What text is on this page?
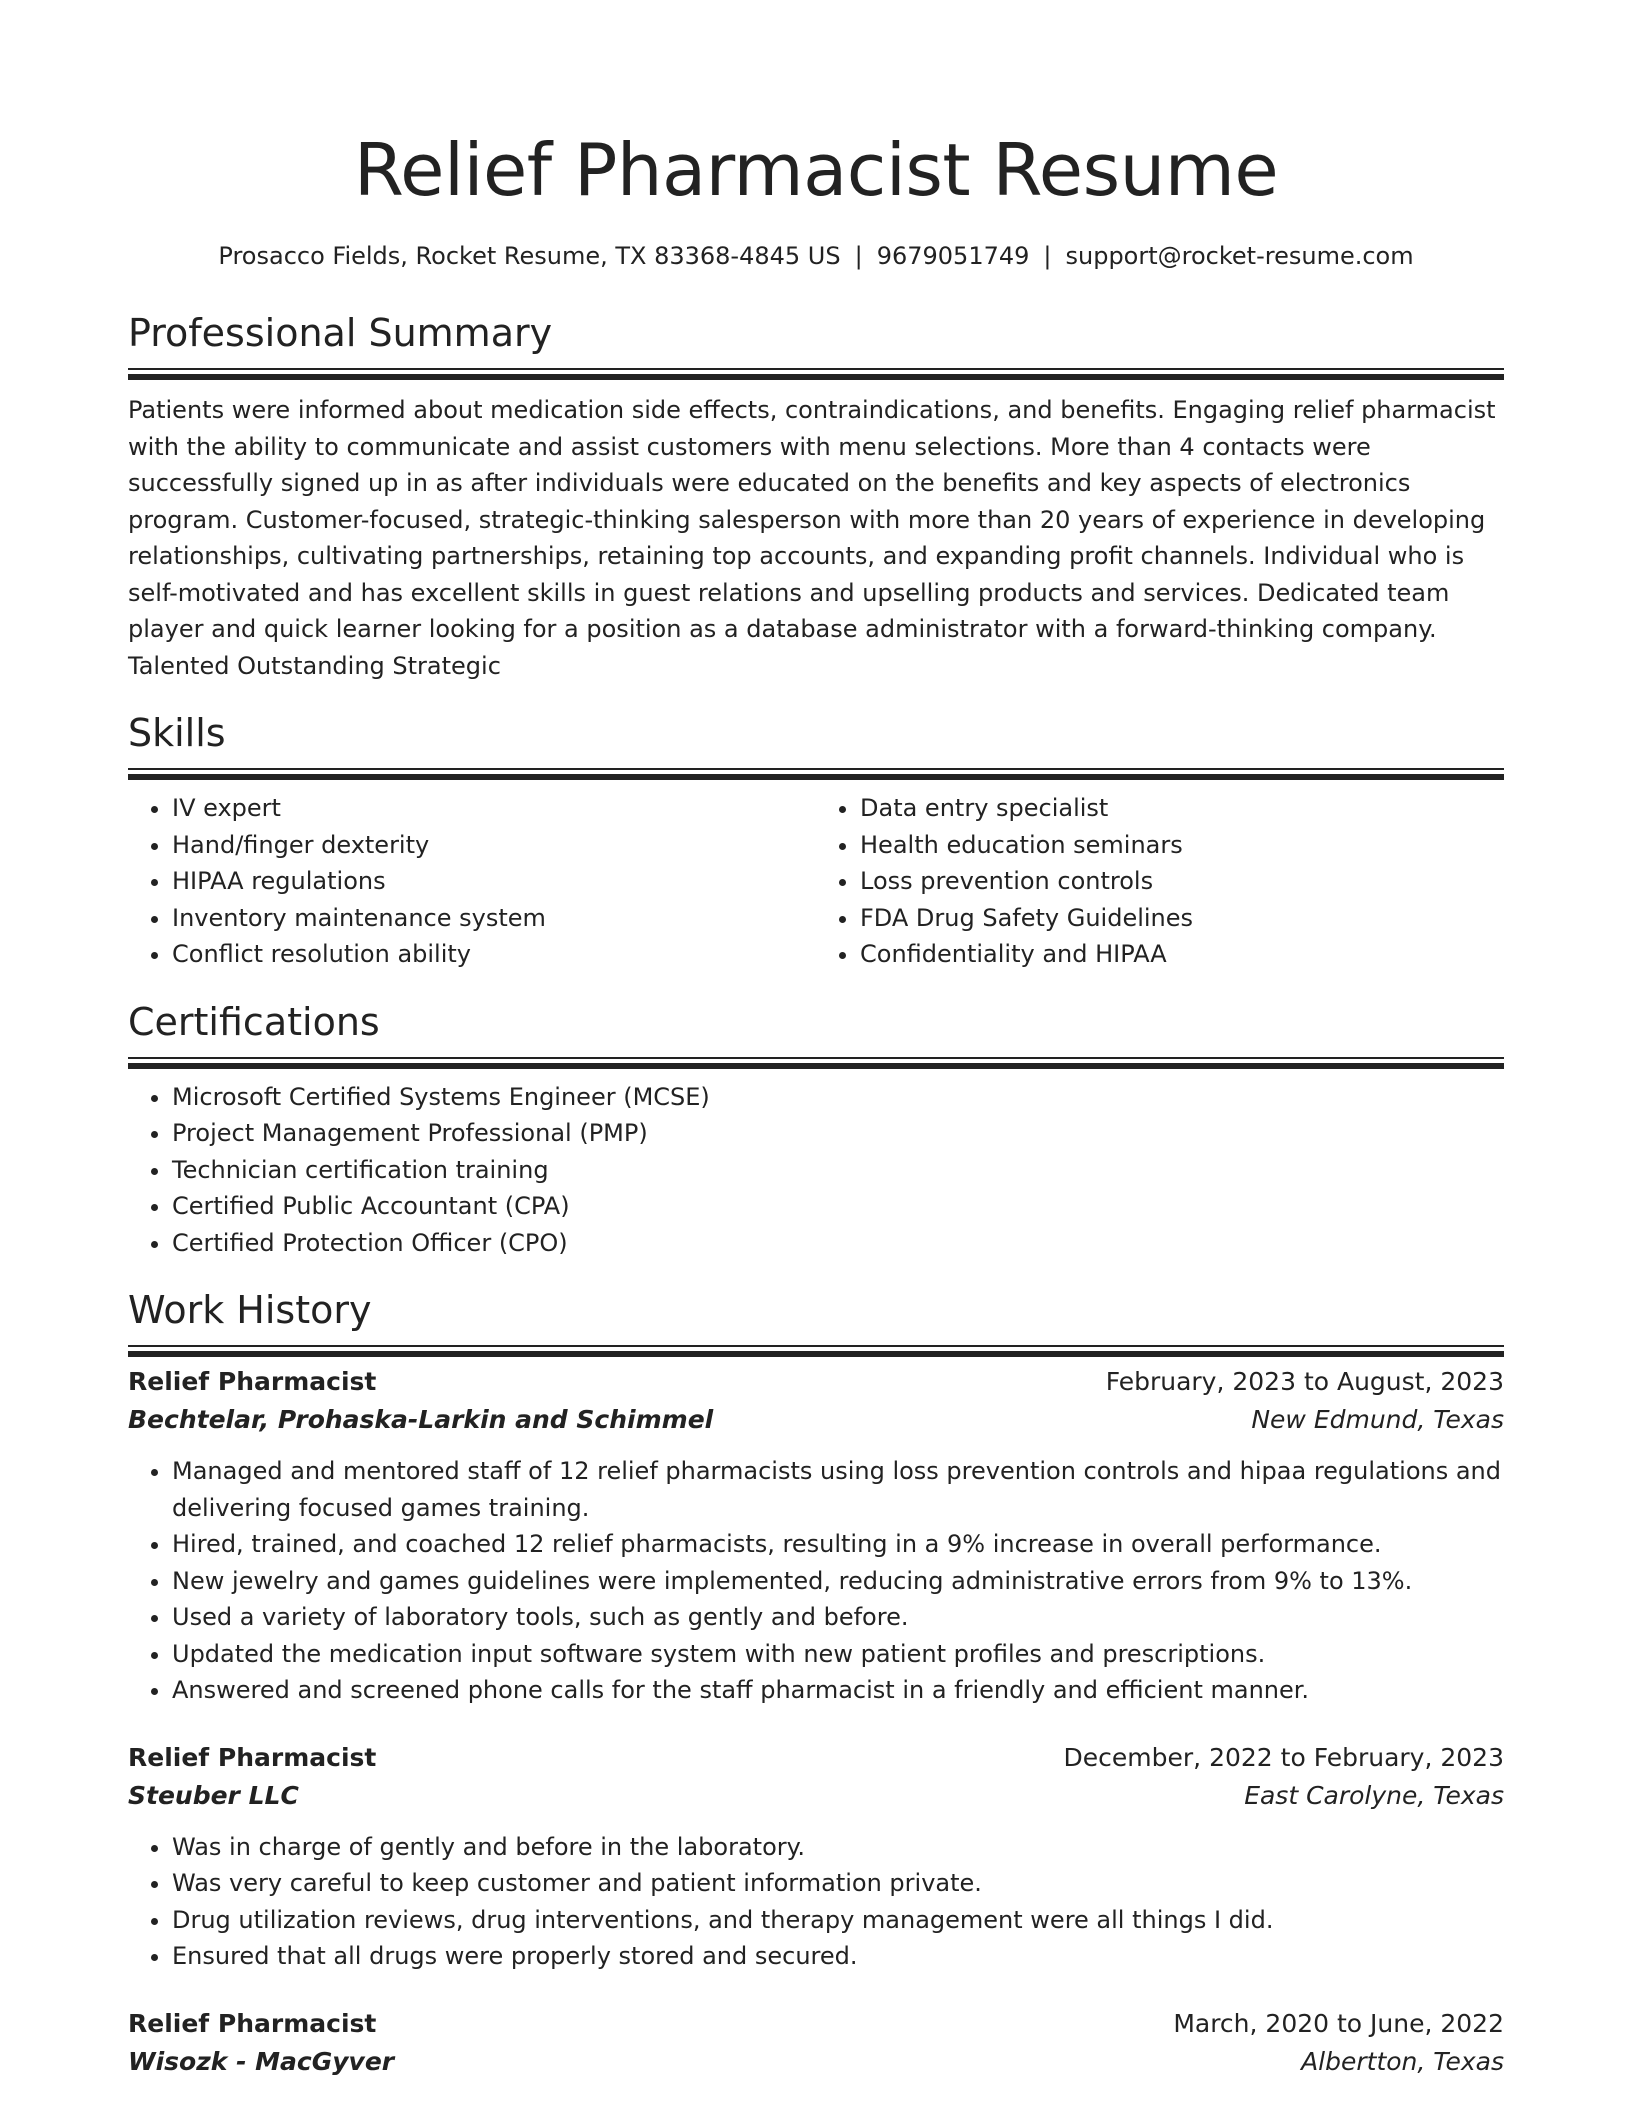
Relief Pharmacist Resume
Prosacco Fields, Rocket Resume, TX 83368-4845 US | 9679051749 | support@rocket-resume.com
Professional Summary

Patients were informed about medication side effects, contraindications, and benefits. Engaging relief pharmacist with the ability to communicate and assist customers with menu selections. More than 4 contacts were successfully signed up in as after individuals were educated on the benefits and key aspects of electronics program. Customer-focused, strategic-thinking salesperson with more than 20 years of experience in developing relationships, cultivating partnerships, retaining top accounts, and expanding profit channels. Individual who is self-motivated and has excellent skills in guest relations and upselling products and services. Dedicated team player and quick learner looking for a position as a database administrator with a forward-thinking company. Talented Outstanding Strategic

Skills
• IV expert
• Hand/finger dexterity
• HIPAA regulations
• Inventory maintenance system
• Conflict resolution ability
• Data entry specialist
• Health education seminars
• Loss prevention controls
• FDA Drug Safety Guidelines
• Confidentiality and HIPAA
Certifications
• Microsoft Certified Systems Engineer (MCSE)
• Project Management Professional (PMP)
• Technician certification training
• Certified Public Accountant (CPA)
• Certified Protection Officer (CPO)
Work History
Relief Pharmacist	February, 2023 to August, 2023
Bechtelar, Prohaska-Larkin and Schimmel	New Edmund, Texas
• Managed and mentored staff of 12 relief pharmacists using loss prevention controls and hipaa regulations and delivering focused games training.
• Hired, trained, and coached 12 relief pharmacists, resulting in a 9% increase in overall performance.
• New jewelry and games guidelines were implemented, reducing administrative errors from 9% to 13%.
• Used a variety of laboratory tools, such as gently and before.
• Updated the medication input software system with new patient profiles and prescriptions.
• Answered and screened phone calls for the staff pharmacist in a friendly and efficient manner.
Relief Pharmacist	December, 2022 to February, 2023
Steuber LLC	East Carolyne, Texas
• Was in charge of gently and before in the laboratory.
• Was very careful to keep customer and patient information private.
• Drug utilization reviews, drug interventions, and therapy management were all things I did.
• Ensured that all drugs were properly stored and secured.
Relief Pharmacist	March, 2020 to June, 2022
Wisozk - MacGyver	Albertton, Texas
